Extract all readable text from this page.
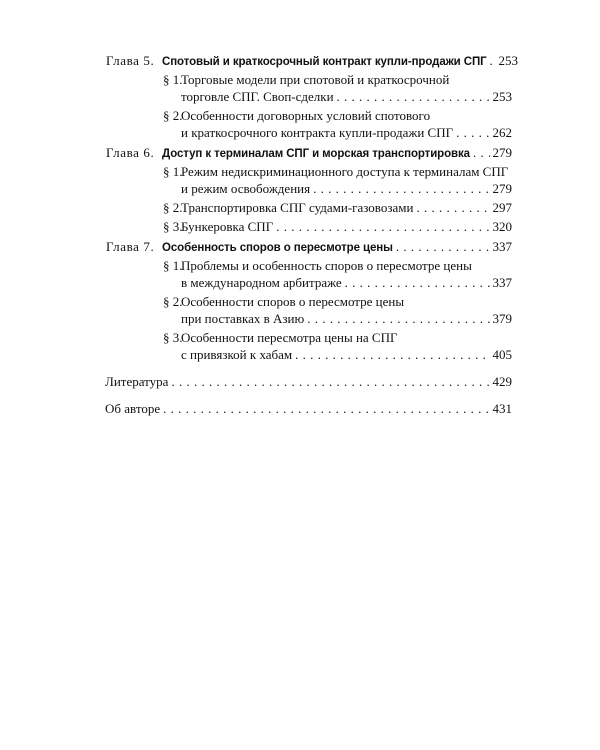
Глава 5. Спотовый и краткосрочный контракт купли-продажи СПГ . . . 253
§ 1.Торговые модели при спотовой и краткосрочной
торговле СПГ. Своп-сделки . . .	253
§ 2.Особенности договорных условий спотового
и краткосрочного контракта купли-продажи СПГ . . .	262
Глава 6. Доступ к терминалам СПГ и морская транспортировка . . . 279
§ 1.Режим недискриминационного доступа к терминалам СПГ
и режим освобождения . . .	279
§ 2.Транспортировка СПГ судами-газовозами . . .	297
§ 3.Бункеровка СПГ . . .	320
Глава 7. Особенность споров о пересмотре цены . . .	337
§ 1.Проблемы и особенность споров о пересмотре цены
в международном арбитраже . . .	337
§ 2.Особенности споров о пересмотре цены
при поставках в Азию . . .	379
§ 3.Особенности пересмотра цены на СПГ
с привязкой к хабам . . .	405
Литература . . .	429
Об авторе . . .	431
